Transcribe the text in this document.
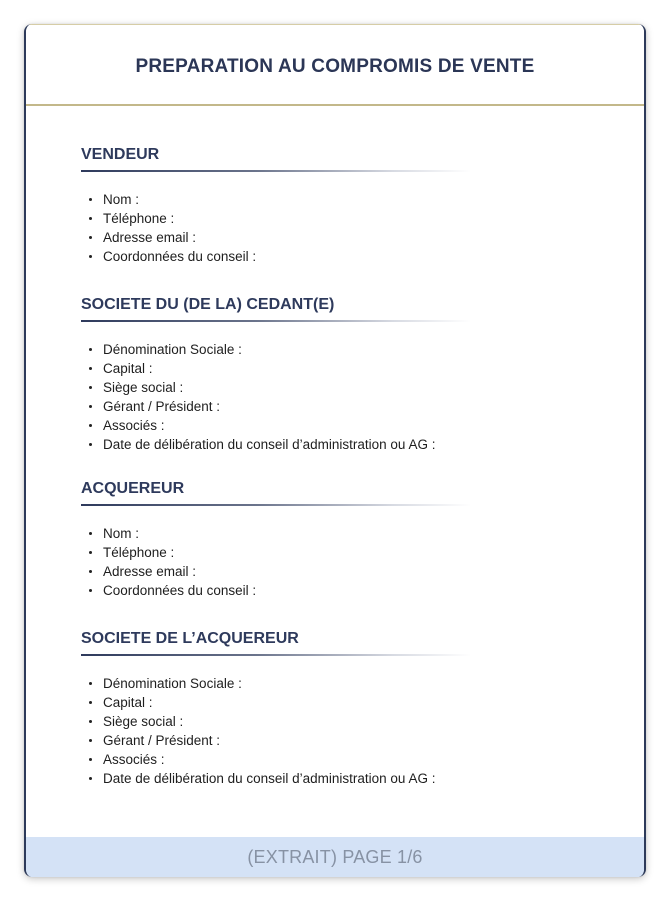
PREPARATION AU COMPROMIS DE VENTE
VENDEUR
Nom :
Téléphone :
Adresse email :
Coordonnées du conseil :
SOCIETE DU (DE LA) CEDANT(E)
Dénomination Sociale :
Capital :
Siège social :
Gérant / Président :
Associés :
Date de délibération du conseil d’administration ou AG :
ACQUEREUR
Nom :
Téléphone :
Adresse email :
Coordonnées du conseil :
SOCIETE DE L’ACQUEREUR
Dénomination Sociale :
Capital :
Siège social :
Gérant / Président :
Associés :
Date de délibération du conseil d’administration ou AG :
(EXTRAIT) PAGE 1/6
